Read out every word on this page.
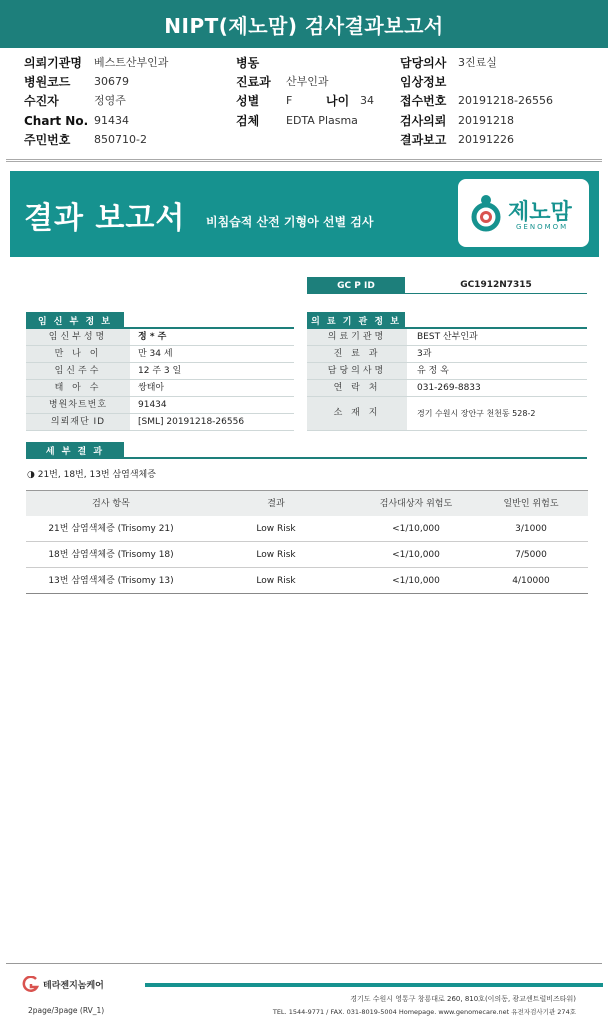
NIPT(제노맘) 검사결과보고서
의뢰기관명 베스트산부인과	병동	담당의사 3진료실
병원코드 30679	진료과 산부인과	임상정보
수진자	정영주	성별 F	나이 34 접수번호 20191218-26556
Chart No. 91434	검체 EDTA Plasma	검사의뢰 20191218
주민번호 850710-2	결과보고 20191226
결과 보고서 비침습적 산전 기형아 선별 검사	제노맘
GENOMOM
GC P ID	GC1912N7315
임 신 부 정 보
임신부성명	정 * 주
만 나 이	만 34 세
임신주수	12 주 3 일
태 아 수	쌍태아
병원차트번호	91434
의뢰재단 ID	[SML] 20191218-26556
의 료 기 관 정 보
의료기관명	BEST 산부인과
진 료 과	3과
담당의사명	유 정 옥
연 락 처	031-269-8833
소 재 지	경기 수원시 장안구 천천동 528-2
세 부 결 과
◑ 21번, 18번, 13번 삼염색체증
검사 항목	결과	검사대상자 위험도	일반인 위험도
21번 삼염색체증 (Trisomy 21)	Low Risk	<1/10,000	3/1000
18번 삼염색체증 (Trisomy 18)	Low Risk	<1/10,000	7/5000
13번 삼염색체증 (Trisomy 13)	Low Risk	<1/10,000	4/10000
테라젠지놈케어
경기도 수원시 영통구 창룡대로 260, 810호(이의동, 광교센트럴비즈타워)
TEL. 1544-9771 / FAX. 031-8019-5004 Homepage. www.genomecare.net 유전자검사기관 274호
2page/3page (RV_1)
